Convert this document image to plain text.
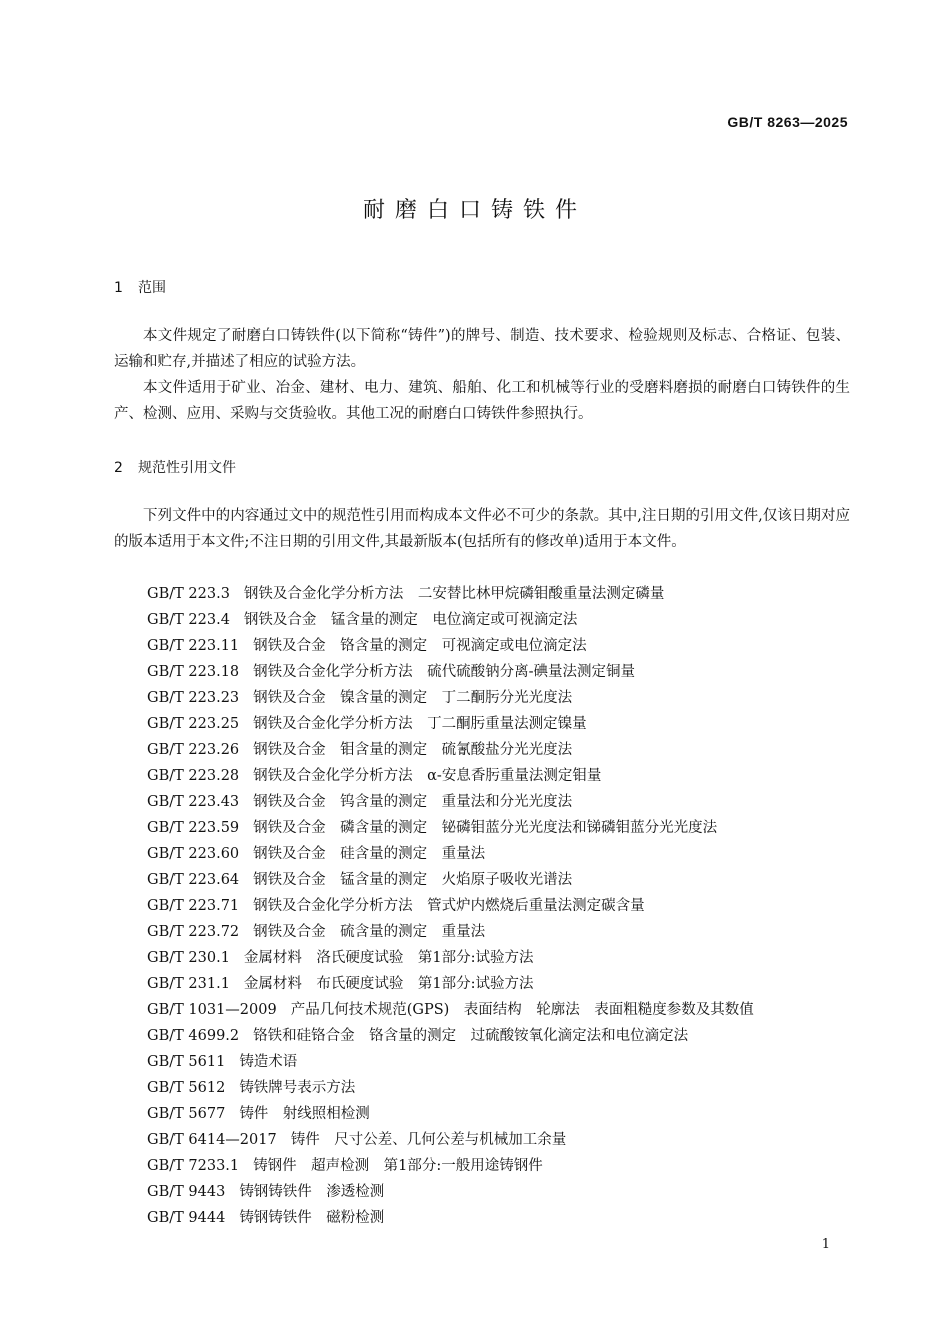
GB/T 8263—2025
耐磨白口铸铁件
1 范围

本文件规定了耐磨白口铸铁件(以下简称“铸件”)的牌号、制造、技术要求、检验规则及标志、合格证、包装、运输和贮存,并描述了相应的试验方法。

本文件适用于矿业、冶金、建材、电力、建筑、船舶、化工和机械等行业的受磨料磨损的耐磨白口铸铁件的生产、检测、应用、采购与交货验收。其他工况的耐磨白口铸铁件参照执行。

2 规范性引用文件

下列文件中的内容通过文中的规范性引用而构成本文件必不可少的条款。其中,注日期的引用文件,仅该日期对应的版本适用于本文件;不注日期的引用文件,其最新版本(包括所有的修改单)适用于本文件。

GB/T 223.3 钢铁及合金化学分析方法　二安替比林甲烷磷钼酸重量法测定磷量
GB/T 223.4 钢铁及合金　锰含量的测定　电位滴定或可视滴定法
GB/T 223.11 钢铁及合金　铬含量的测定　可视滴定或电位滴定法
GB/T 223.18 钢铁及合金化学分析方法　硫代硫酸钠分离-碘量法测定铜量
GB/T 223.23 钢铁及合金　镍含量的测定　丁二酮肟分光光度法
GB/T 223.25 钢铁及合金化学分析方法　丁二酮肟重量法测定镍量
GB/T 223.26 钢铁及合金　钼含量的测定　硫氰酸盐分光光度法
GB/T 223.28 钢铁及合金化学分析方法　α-安息香肟重量法测定钼量
GB/T 223.43 钢铁及合金　钨含量的测定　重量法和分光光度法
GB/T 223.59 钢铁及合金　磷含量的测定　铋磷钼蓝分光光度法和锑磷钼蓝分光光度法
GB/T 223.60 钢铁及合金　硅含量的测定　重量法
GB/T 223.64 钢铁及合金　锰含量的测定　火焰原子吸收光谱法
GB/T 223.71 钢铁及合金化学分析方法　管式炉内燃烧后重量法测定碳含量
GB/T 223.72 钢铁及合金　硫含量的测定　重量法
GB/T 230.1 金属材料　洛氏硬度试验　第1部分:试验方法
GB/T 231.1 金属材料　布氏硬度试验　第1部分:试验方法
GB/T 1031—2009 产品几何技术规范(GPS)　表面结构　轮廓法　表面粗糙度参数及其数值
GB/T 4699.2 铬铁和硅铬合金　铬含量的测定　过硫酸铵氧化滴定法和电位滴定法
GB/T 5611 铸造术语
GB/T 5612 铸铁牌号表示方法
GB/T 5677 铸件　射线照相检测
GB/T 6414—2017 铸件　尺寸公差、几何公差与机械加工余量
GB/T 7233.1 铸钢件　超声检测　第1部分:一般用途铸钢件
GB/T 9443 铸钢铸铁件　渗透检测
GB/T 9444 铸钢铸铁件　磁粉检测
1
